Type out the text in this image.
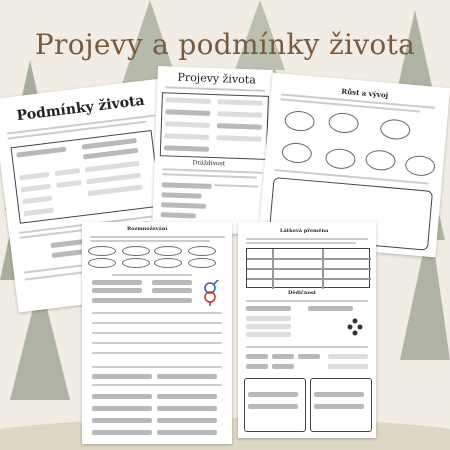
Projevy a podmínky života
Podmínky života
Projevy života
Dráždivost
Růst a vývoj
Rozmnožování	Látková přeměna
Dědičnost
